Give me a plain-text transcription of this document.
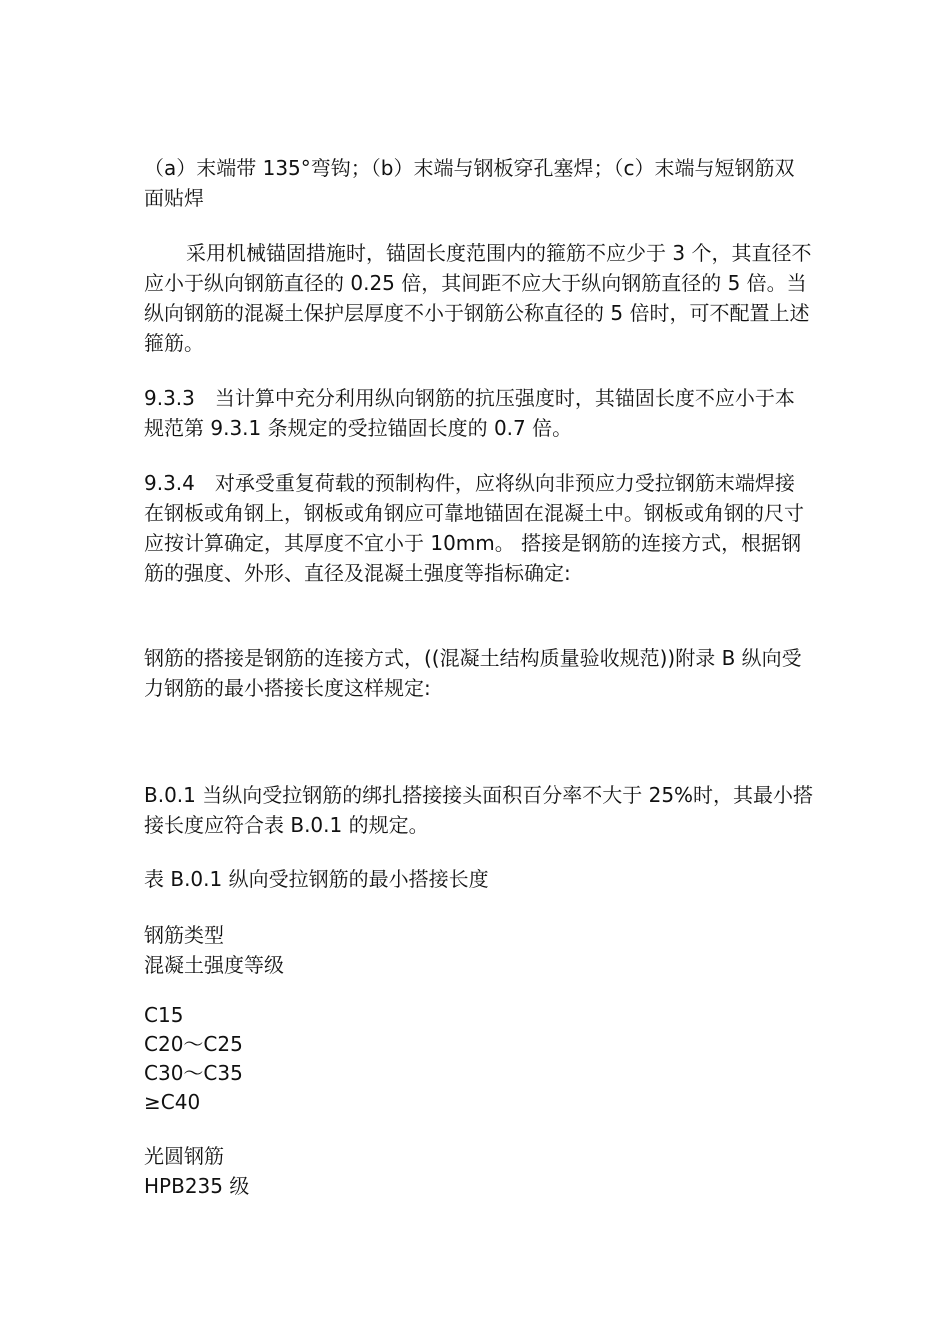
（a）末端带 135°弯钩；（b）末端与钢板穿孔塞焊；（c）末端与短钢筋双面贴焊

采用机械锚固措施时，锚固长度范围内的箍筋不应少于 3 个，其直径不应小于纵向钢筋直径的 0.25 倍，其间距不应大于纵向钢筋直径的 5 倍。当纵向钢筋的混凝土保护层厚度不小于钢筋公称直径的 5 倍时，可不配置上述箍筋。

9.3.3　当计算中充分利用纵向钢筋的抗压强度时，其锚固长度不应小于本规范第 9.3.1 条规定的受拉锚固长度的 0.7 倍。

9.3.4　对承受重复荷载的预制构件，应将纵向非预应力受拉钢筋末端焊接在钢板或角钢上，钢板或角钢应可靠地锚固在混凝土中。钢板或角钢的尺寸应按计算确定，其厚度不宜小于 10mm。 搭接是钢筋的连接方式，根据钢筋的强度、外形、直径及混凝土强度等指标确定:

钢筋的搭接是钢筋的连接方式，((混凝土结构质量验收规范))附录 B 纵向受力钢筋的最小搭接长度这样规定:

B.0.1 当纵向受拉钢筋的绑扎搭接接头面积百分率不大于 25%时，其最小搭接长度应符合表 B.0.1 的规定。

表 B.0.1 纵向受拉钢筋的最小搭接长度

钢筋类型
混凝土强度等级
C15
C20～C25
C30～C35
≥C40
光圆钢筋
HPB235 级
